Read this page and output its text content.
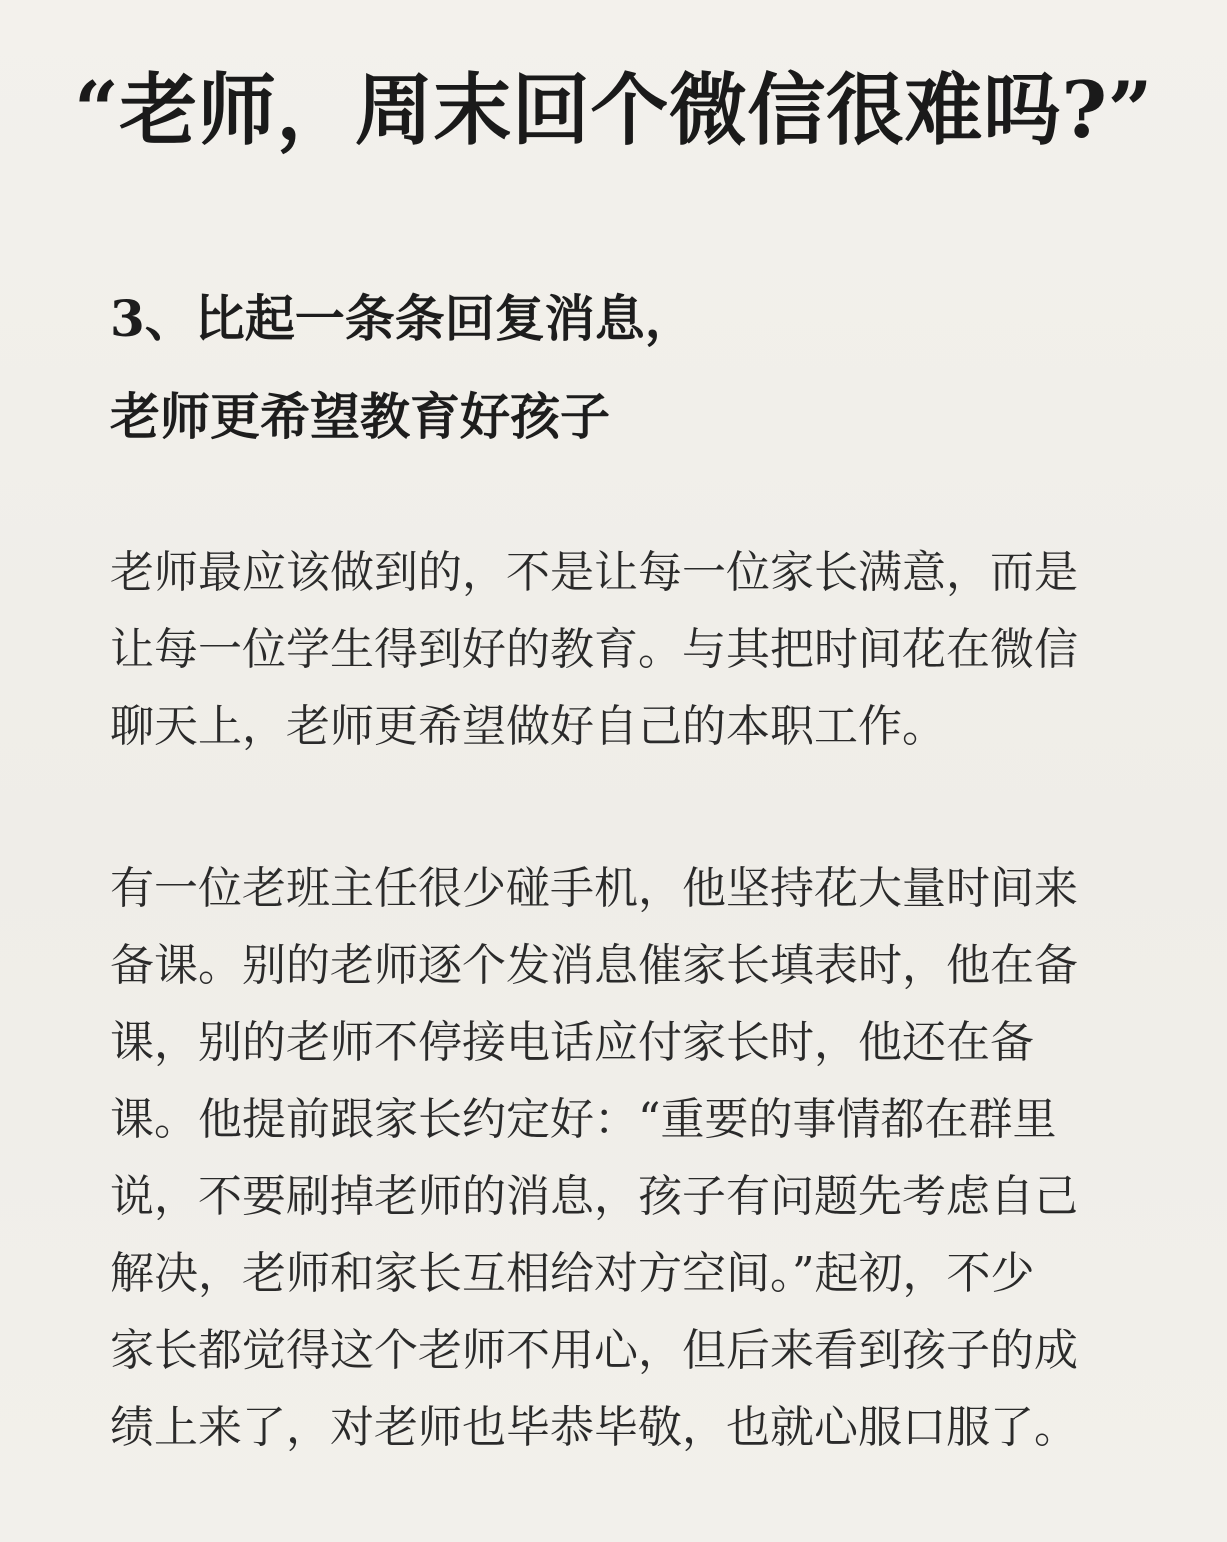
“老师，周末回个微信很难吗?”
3、比起一条条回复消息，
老师更希望教育好孩子
老师最应该做到的，不是让每一位家长满意，而是
让每一位学生得到好的教育。与其把时间花在微信
聊天上，老师更希望做好自己的本职工作。
有一位老班主任很少碰手机，他坚持花大量时间来
备课。别的老师逐个发消息催家长填表时，他在备
课，别的老师不停接电话应付家长时，他还在备
课。他提前跟家长约定好：“重要的事情都在群里
说，不要刷掉老师的消息，孩子有问题先考虑自己
解决，老师和家长互相给对方空间。”起初，不少
家长都觉得这个老师不用心，但后来看到孩子的成
绩上来了，对老师也毕恭毕敬，也就心服口服了。
